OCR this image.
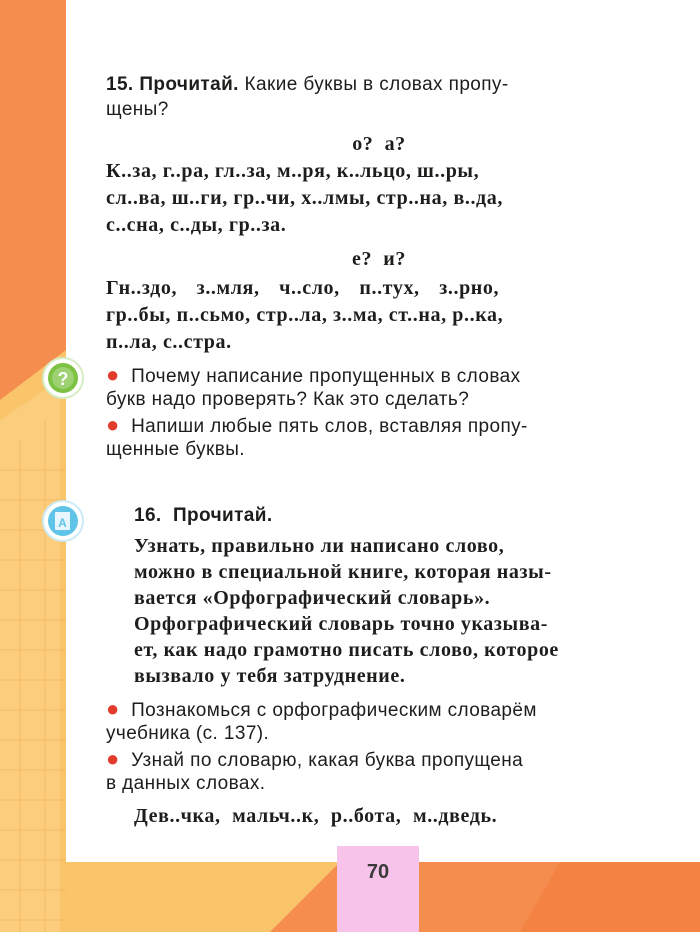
15. Прочитай. Какие буквы в словах пропу-
щены?
о?  а?
К..за, г..ра, гл..за, м..ря, к..льцо, ш..ры,
сл..ва, ш..ги, гр..чи, х..лмы, стр..на, в..да,
с..сна, с..ды, гр..за.
е?  и?
Гн..здо, з..мля, ч..сло, п..тух, з..рно,
гр..бы, п..сьмо, стр..ла, з..ма, ст..на, р..ка,
п..ла, с..стра.
? ● Почему написание пропущенных в словах
букв надо проверять? Как это сделать?
● Напиши любые пять слов, вставляя пропу-
щенные буквы.
А	16. Прочитай.
Узнать, правильно ли написано слово,
можно в специальной книге, которая назы-
вается «Орфографический словарь».
Орфографический словарь точно указыва-
ет, как надо грамотно писать слово, которое
вызвало у тебя затруднение.
● Познакомься с орфографическим словарём
учебника (с. 137).
● Узнай по словарю, какая буква пропущена
в данных словах.
Дев..чка, мальч..к, р..бота, м..дведь.
70
